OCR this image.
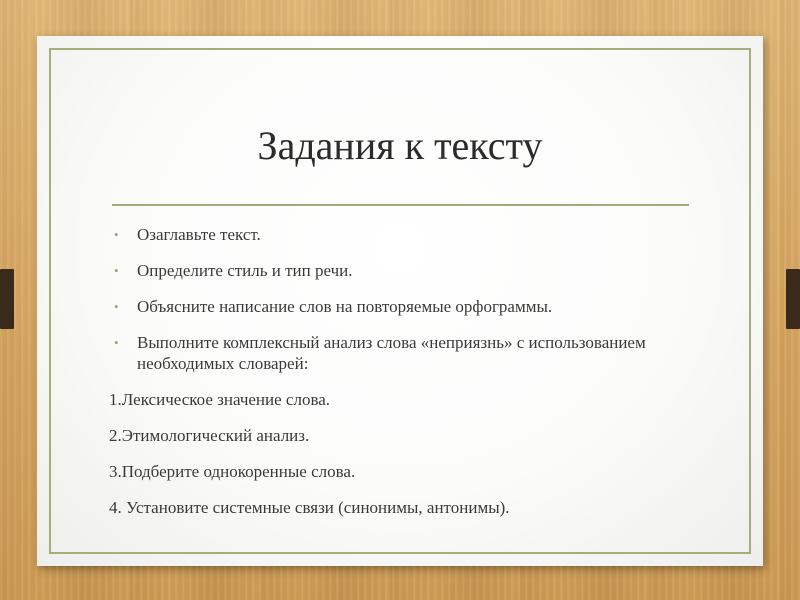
Задания к тексту
• Озаглавьте текст.
• Определите стиль и тип речи.
• Объясните написание слов на повторяемые орфограммы.
• Выполните комплексный анализ слова «неприязнь» с использованием необходимых словарей:
1.Лексическое значение слова.
2.Этимологический анализ.
3.Подберите однокоренные слова.
4. Установите системные связи (синонимы, антонимы).
